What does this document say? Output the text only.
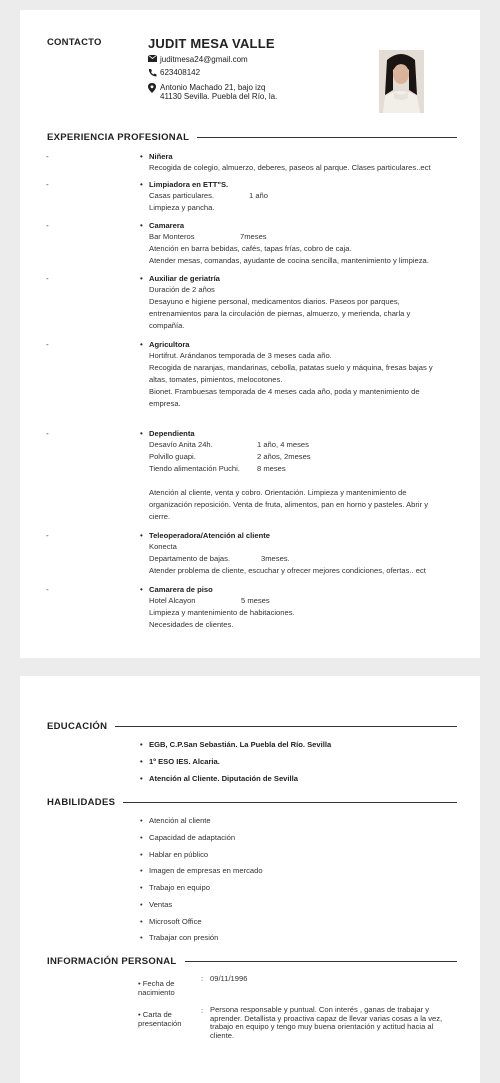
CONTACTO	JUDIT MESA VALLE
juditmesa24@gmail.com
623408142
Antonio Machado 21, bajo izq
41130 Sevilla. Puebla del Río, la.
EXPERIENCIA PROFESIONAL
-	• Niñera
Recogida de colegio, almuerzo, deberes, paseos al parque. Clases particulares..ect
-	• Limpiadora en ETT"S.
Casas particulares.	1 año
Limpieza y pancha.
-	• Camarera
Bar Monteros	7meses
Atención en barra bebidas, cafés, tapas frías, cobro de caja.
Atender mesas, comandas, ayudante de cocina sencilla, mantenimiento y limpieza.
-	• Auxiliar de geriatría
Duración de 2 años
Desayuno e higiene personal, medicamentos diarios. Paseos por parques,
entrenamientos para la circulación de piernas, almuerzo, y merienda, charla y
compañía.
-	• Agricultora
Hortifrut. Arándanos temporada de 3 meses cada año.
Recogida de naranjas, mandarinas, cebolla, patatas suelo y máquina, fresas bajas y
altas, tomates, pimientos, melocotones.
Bionet. Frambuesas temporada de 4 meses cada año, poda y mantenimiento de
empresa.
-	• Dependienta
Desavío Anita 24h.	1 año, 4 meses
Polvillo guapi.	2 años, 2meses
Tiendo alimentación Puchi.	8 meses
Atención al cliente, venta y cobro. Orientación. Limpieza y mantenimiento de
organización reposición. Venta de fruta, alimentos, pan en horno y pasteles. Abrir y
cierre.
-	• Teleoperadora/Atención al cliente
Konecta
Departamento de bajas.	3meses.
Atender problema de cliente, escuchar y ofrecer mejores condiciones, ofertas.. ect
-	• Camarera de piso
Hotel Alcayon	5 meses
Limpieza y mantenimiento de habitaciones.
Necesidades de clientes.
EDUCACIÓN
• EGB, C.P.San Sebastián. La Puebla del Río. Sevilla
• 1º ESO IES. Alcaria.
• Atención al Cliente. Diputación de Sevilla
HABILIDADES
• Atención al cliente
• Capacidad de adaptación
• Hablar en público
• Imagen de empresas en mercado
• Trabajo en equipo
• Ventas
• Microsoft Office
• Trabajar con presión
INFORMACIÓN PERSONAL
• Fecha de
nacimiento
: 09/11/1996
• Carta de
presentación
: Persona responsable y puntual. Con interés , ganas de trabajar y
aprender. Detallista y proactiva capaz de llevar varias cosas a la vez,
trabajo en equipo y tengo muy buena orientación y actitud hacia al
cliente.
